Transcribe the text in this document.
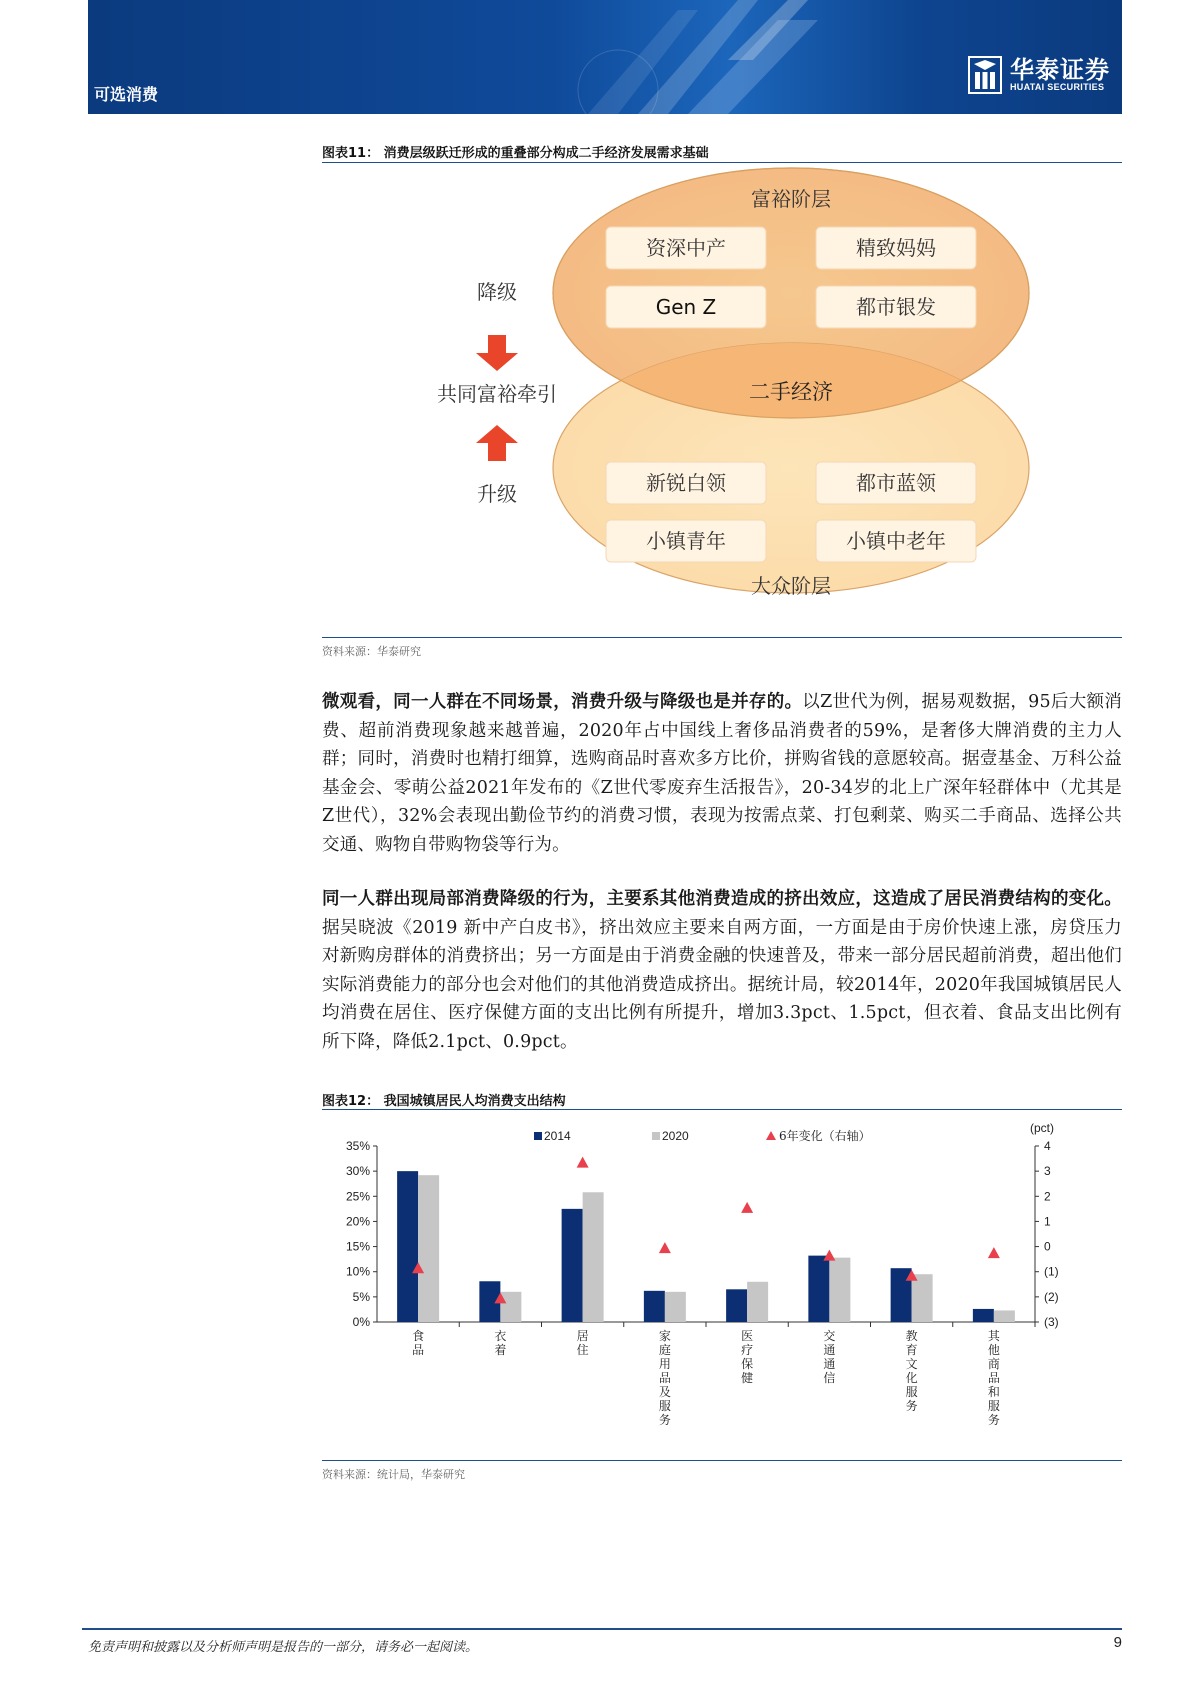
可选消费
华泰证券
HUATAI SECURITIES
图表11： 消费层级跃迁形成的重叠部分构成二手经济发展需求基础
富裕阶层
资深中产	精致妈妈
Gen Z	都市银发
二手经济
新锐白领	都市蓝领
小镇青年	小镇中老年
大众阶层
降级
共同富裕牵引
升级
资料来源：华泰研究
微观看，同一人群在不同场景，消费升级与降级也是并存的。以Z世代为例，据易观数据，95后大额消费、超前消费现象越来越普遍，2020年占中国线上奢侈品消费者的59%，是奢侈大牌消费的主力人群；同时，消费时也精打细算，选购商品时喜欢多方比价，拼购省钱的意愿较高。据壹基金、万科公益基金会、零萌公益2021年发布的《Z世代零废弃生活报告》，20-34岁的北上广深年轻群体中（尤其是Z世代），32%会表现出勤俭节约的消费习惯，表现为按需点菜、打包剩菜、购买二手商品、选择公共交通、购物自带购物袋等行为。
同一人群出现局部消费降级的行为，主要系其他消费造成的挤出效应，这造成了居民消费结构的变化。据吴晓波《2019 新中产白皮书》，挤出效应主要来自两方面，一方面是由于房价快速上涨，房贷压力对新购房群体的消费挤出；另一方面是由于消费金融的快速普及，带来一部分居民超前消费，超出他们实际消费能力的部分也会对他们的其他消费造成挤出。据统计局，较2014年，2020年我国城镇居民人均消费在居住、医疗保健方面的支出比例有所提升，增加3.3pct、1.5pct，但衣着、食品支出比例有所下降，降低2.1pct、0.9pct。
图表12： 我国城镇居民人均消费支出结构
2014	2020	6年变化（右轴）
(pct)
0%
5%
10%
15%
20%
25%
30%
35%
(3)
(2)
(1)
0
1
2
3
4
食品
衣着
居住
家庭用品及服务
医疗保健
交通通信
教育文化服务
其他商品和服务
资料来源：统计局，华泰研究
免责声明和披露以及分析师声明是报告的一部分，请务必一起阅读。	9
